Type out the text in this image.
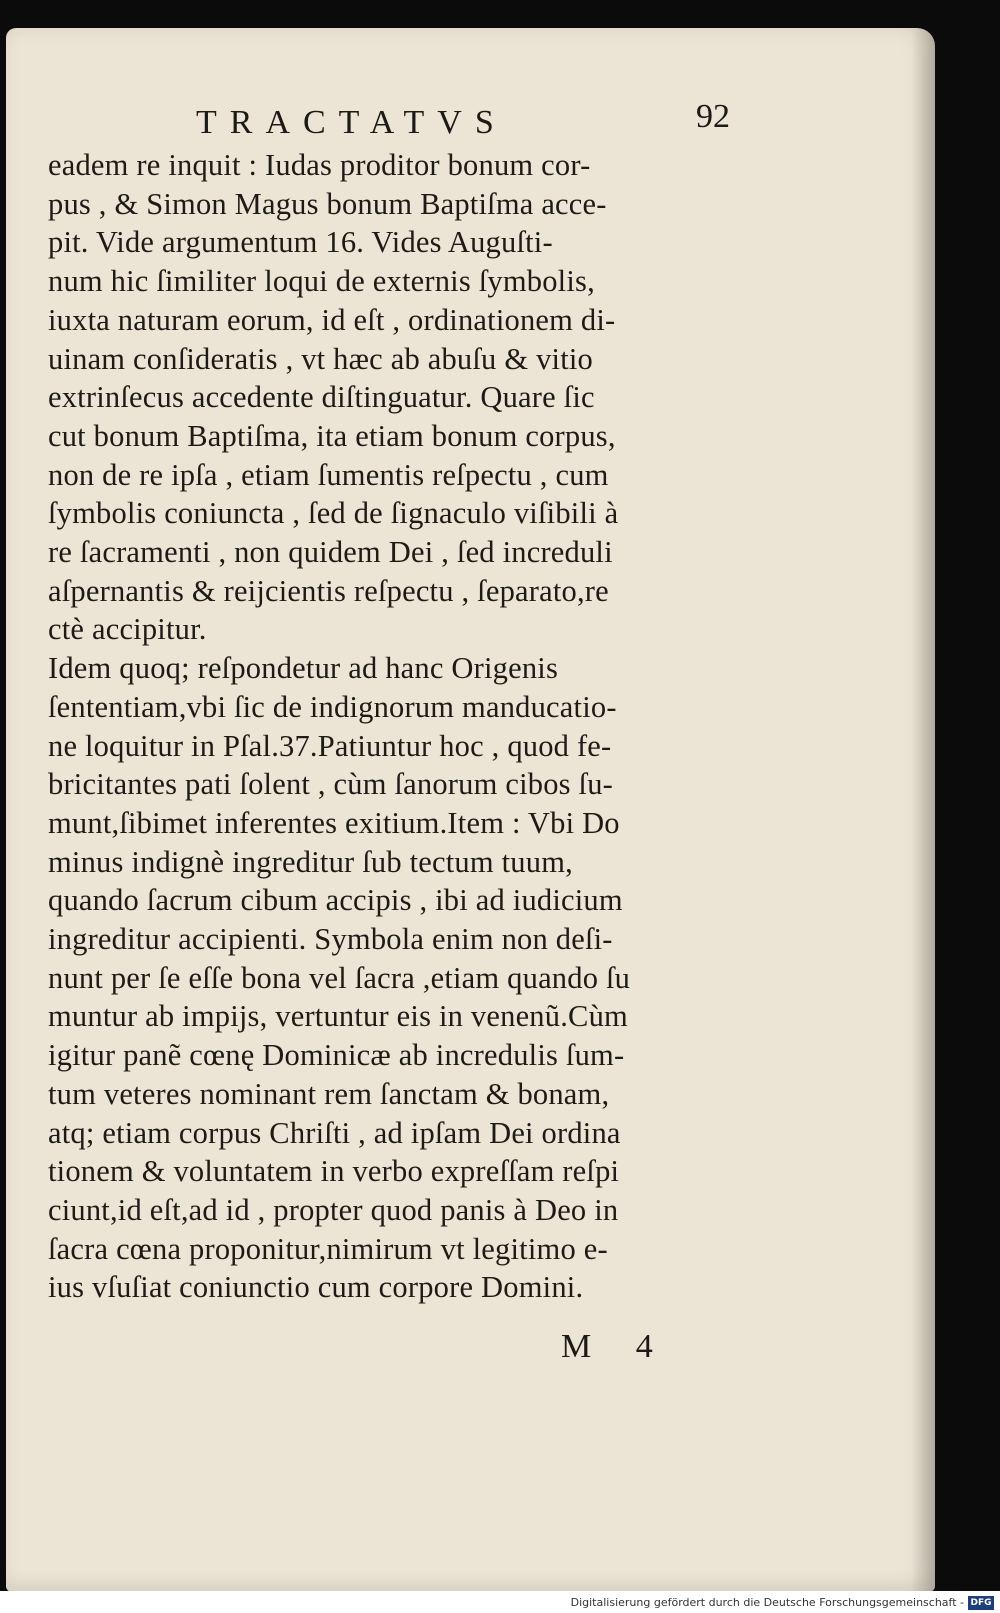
TRACTATVS	92
eadem re inquit : Iudas proditor bonum cor-
pus , & Simon Magus bonum Baptiſma acce-
pit. Vide argumentum 16. Vides Auguſti-
num hic ſimiliter loqui de externis ſymbolis,
iuxta naturam eorum, id eſt , ordinationem di-
uinam conſideratis , vt hæc ab abuſu & vitio
extrinſecus accedente diſtinguatur. Quare ſic
cut bonum Baptiſma, ita etiam bonum corpus,
non de re ipſa , etiam ſumentis reſpectu , cum
ſymbolis coniuncta , ſed de ſignaculo viſibili à
re ſacramenti , non quidem Dei , ſed increduli
aſpernantis & reijcientis reſpectu , ſeparato,re
ctè accipitur.
Idem quoq; reſpondetur ad hanc Origenis
ſententiam,vbi ſic de indignorum manducatio-
ne loquitur in Pſal.37.Patiuntur hoc , quod fe-
bricitantes pati ſolent , cùm ſanorum cibos ſu-
munt,ſibimet inferentes exitium.Item : Vbi Do
minus indignè ingreditur ſub tectum tuum,
quando ſacrum cibum accipis , ibi ad iudicium
ingreditur accipienti. Symbola enim non deſi-
nunt per ſe eſſe bona vel ſacra ,etiam quando ſu
muntur ab impijs, vertuntur eis in venenũ.Cùm
igitur panẽ cœnę Dominicæ ab incredulis ſum-
tum veteres nominant rem ſanctam & bonam,
atq; etiam corpus Chriſti , ad ipſam Dei ordina
tionem & voluntatem in verbo expreſſam reſpi
ciunt,id eſt,ad id , propter quod panis à Deo in
ſacra cœna proponitur,nimirum vt legitimo e-
ius vſuſiat coniunctio cum corpore Domini.
M 4
Digitalisierung gefördert durch die Deutsche Forschungsgemeinschaft - DFG
